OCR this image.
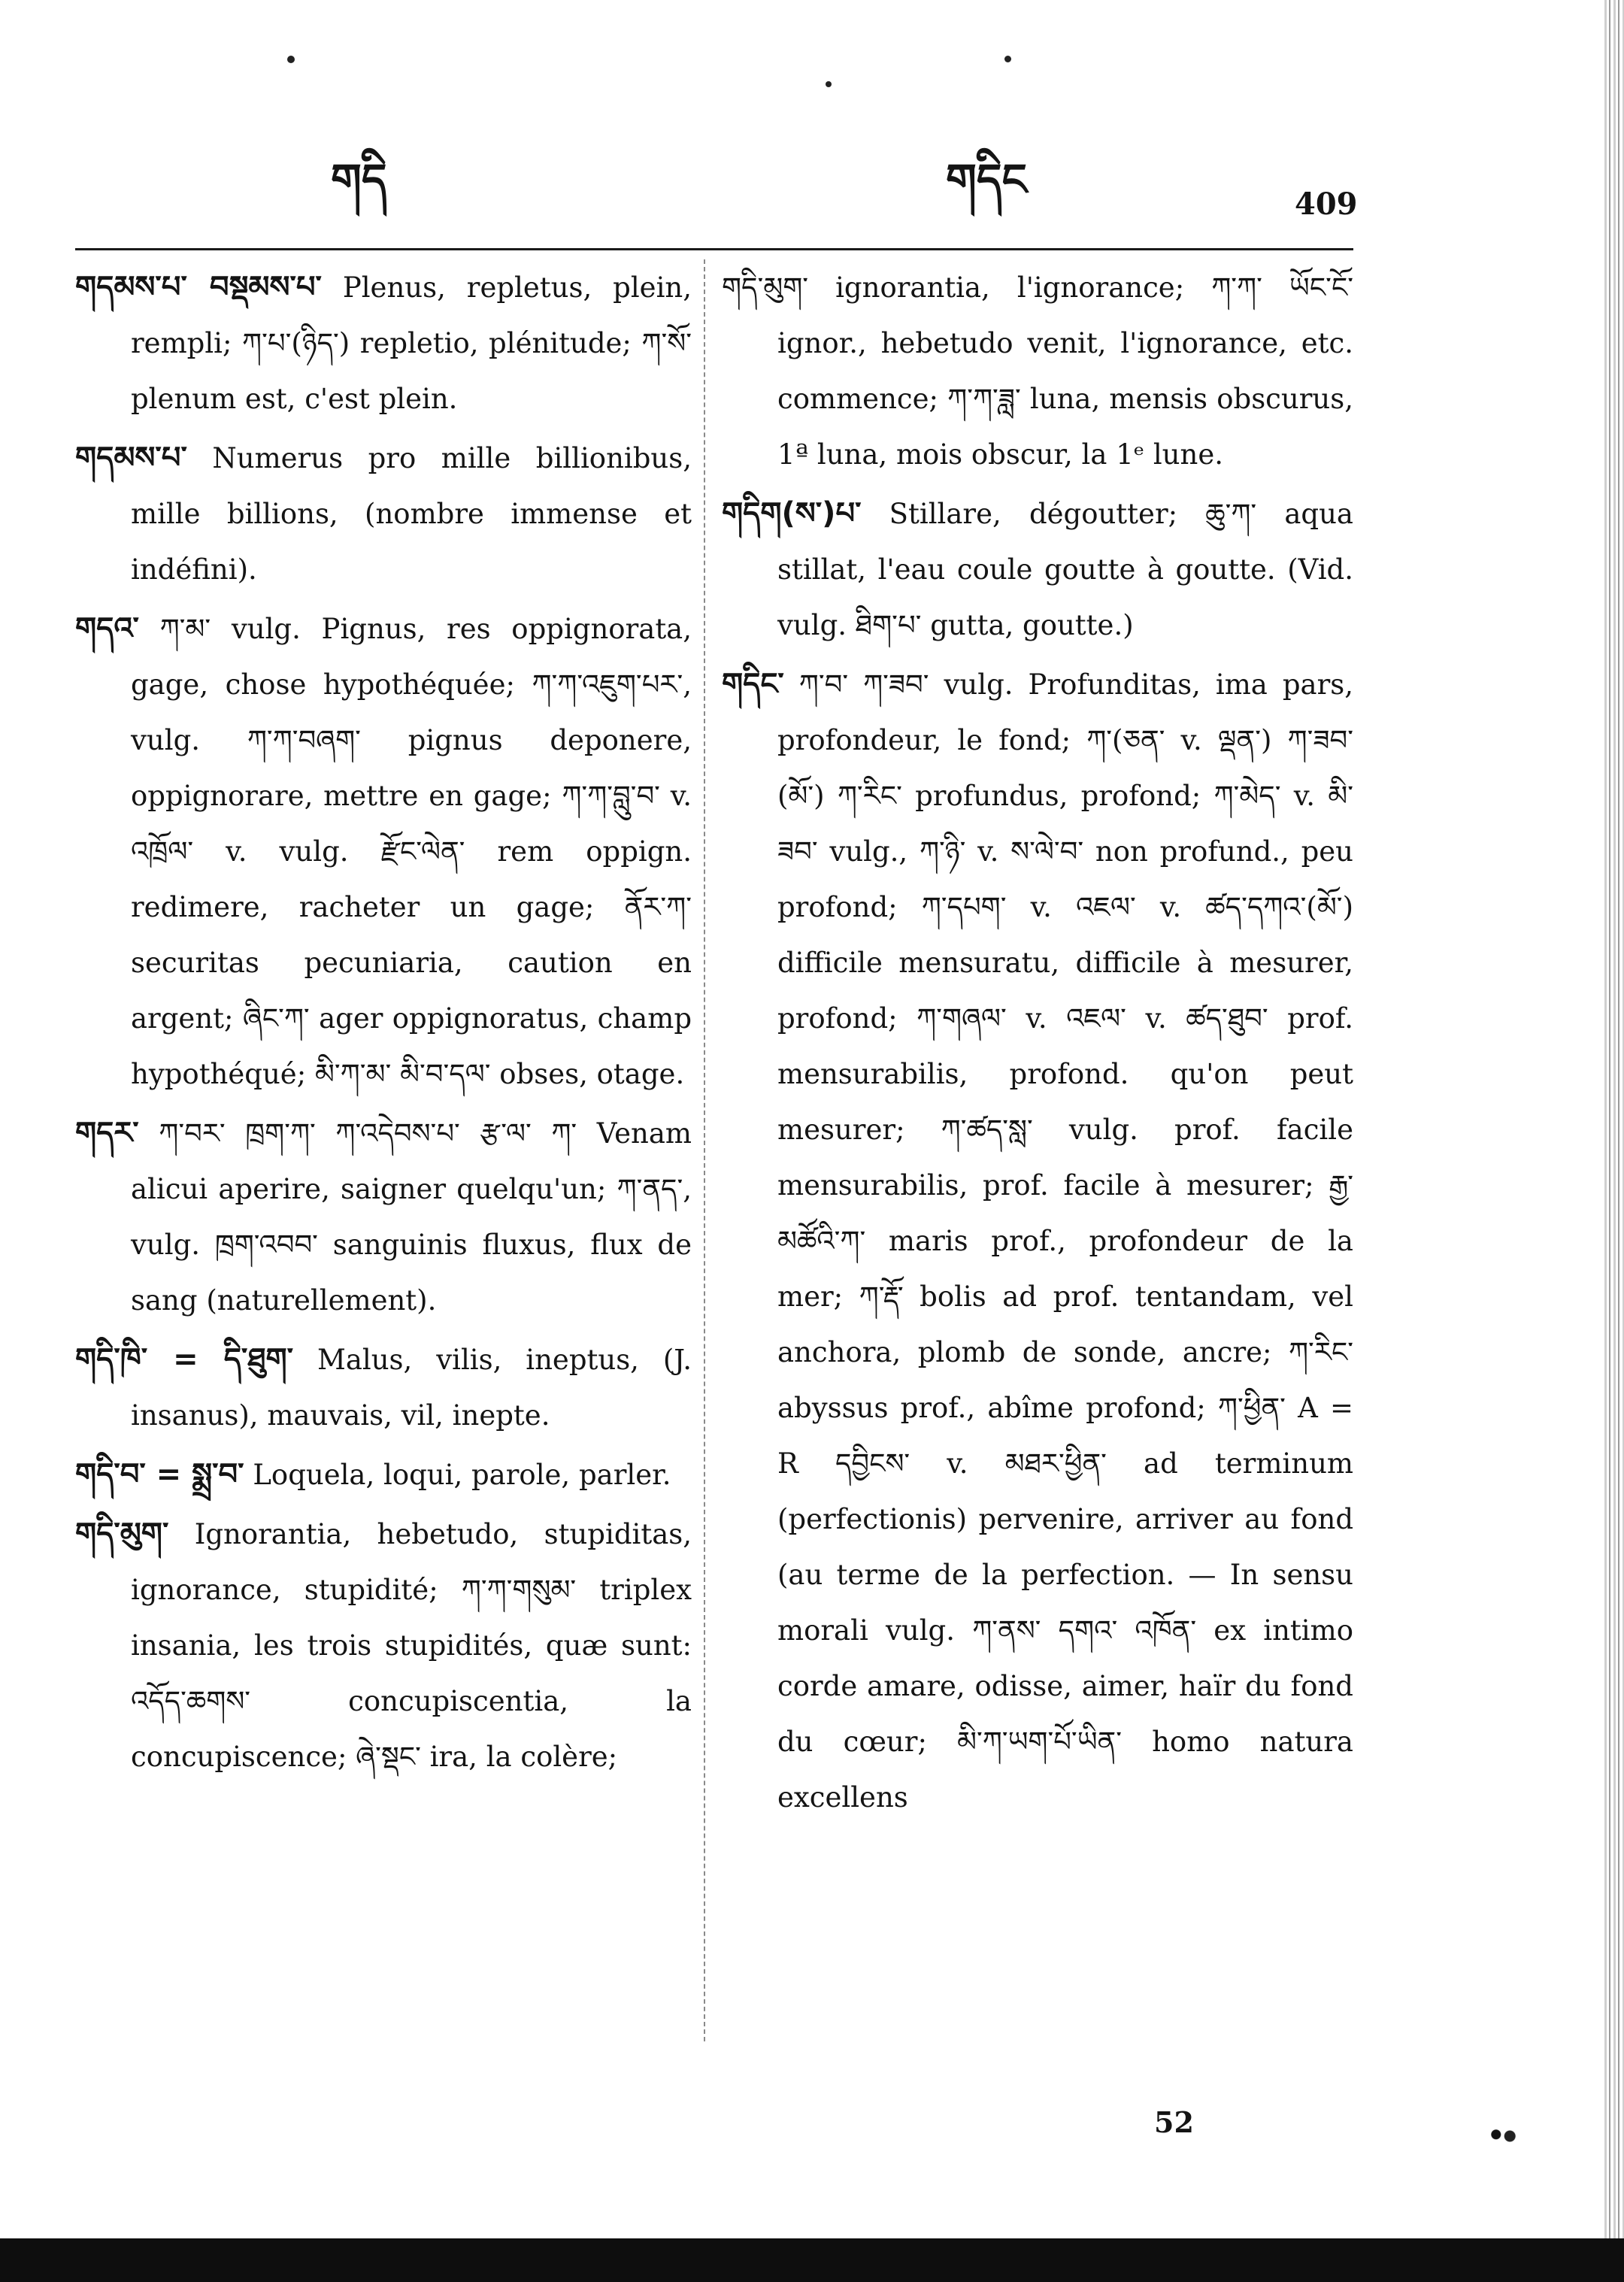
གདི	གདིང	409

གདམས་པ་ བསྡམས་པ་ Plenus, repletus, plein, rempli; ཀ་པ་(ཉིད་) repletio, plénitude; ཀ་སོ་ plenum est, c'est plein.

གདམས་པ་ Numerus pro mille billionibus, mille billions, (nombre immense et indéfini).

གདའ་ ཀ་མ་ vulg. Pignus, res oppignorata, gage, chose hypothéquée; ཀ་ཀ་འཇུག་པར་, vulg. ཀ་ཀ་བཞག་ pignus deponere, oppignorare, mettre en gage; ཀ་ཀ་བླུ་བ་ v. འཁྲོལ་ v. vulg. རྫོང་ལེན་ rem oppign. redimere, racheter un gage; ནོར་ཀ་ securitas pecuniaria, caution en argent; ཞིང་ཀ་ ager oppignoratus, champ hypothéqué; མི་ཀ་མ་ མི་བ་དལ་ obses, otage.

གདར་ ཀ་བར་ ཁྲག་ཀ་ ཀ་འདེབས་པ་ རྩ་ལ་ ཀ་ Venam alicui aperire, saigner quelqu'un; ཀ་ནད་, vulg. ཁྲག་འབབ་ sanguinis fluxus, flux de sang (naturellement).

གདི་ཁི་ = དི་ཐུག་ Malus, vilis, ineptus, (J. insanus), mauvais, vil, inepte.

གདི་བ་ = སྨྲ་བ་ Loquela, loqui, parole, parler.

གདི་མུག་ Ignorantia, hebetudo, stupiditas, ignorance, stupidité; ཀ་ཀ་གསུམ་ triplex insania, les trois stupidités, quæ sunt: འདོད་ཆགས་ concupiscentia, la concupiscence; ཞེ་སྡང་ ira, la colère;

གདི་མུག་ ignorantia, l'ignorance; ཀ་ཀ་ ཡོང་ངོ་ ignor., hebetudo venit, l'ignorance, etc. commence; ཀ་ཀ་ཟླ་ luna, mensis obscurus, 1ª luna, mois obscur, la 1ᵉ lune.

གདིག(ས་)པ་ Stillare, dégoutter; ཆུ་ཀ་ aqua stillat, l'eau coule goutte à goutte. (Vid. vulg. ཐིག་པ་ gutta, goutte.)

གདིང་ ཀ་བ་ ཀ་ཟབ་ vulg. Profunditas, ima pars, profondeur, le fond; ཀ་(ཅན་ v. ལྡན་) ཀ་ཟབ་(མོ་) ཀ་རིང་ profundus, profond; ཀ་མེད་ v. མི་ཟབ་ vulg., ཀ་ཉི་ v. ས་ལེ་བ་ non profund., peu profond; ཀ་དཔག་ v. འཇལ་ v. ཚད་དཀའ་(མོ་) difficile mensuratu, difficile à mesurer, profond; ཀ་གཞལ་ v. འཇལ་ v. ཚད་ཐུབ་ prof. mensurabilis, profond. qu'on peut mesurer; ཀ་ཚད་སླ་ vulg. prof. facile mensurabilis, prof. facile à mesurer; རྒྱ་མཚོའི་ཀ་ maris prof., profondeur de la mer; ཀ་རྡོ་ bolis ad prof. tentandam, vel anchora, plomb de sonde, ancre; ཀ་རིང་ abyssus prof., abîme profond; ཀ་ཕྱིན་ A = R དབྱིངས་ v. མཐར་ཕྱིན་ ad terminum (perfectionis) pervenire, arriver au fond (au terme de la perfection. — In sensu morali vulg. ཀ་ནས་ དགའ་ འཁོན་ ex intimo corde amare, odisse, aimer, haïr du fond du cœur; མི་ཀ་ཡག་པོ་ཡིན་ homo natura excellens

52
